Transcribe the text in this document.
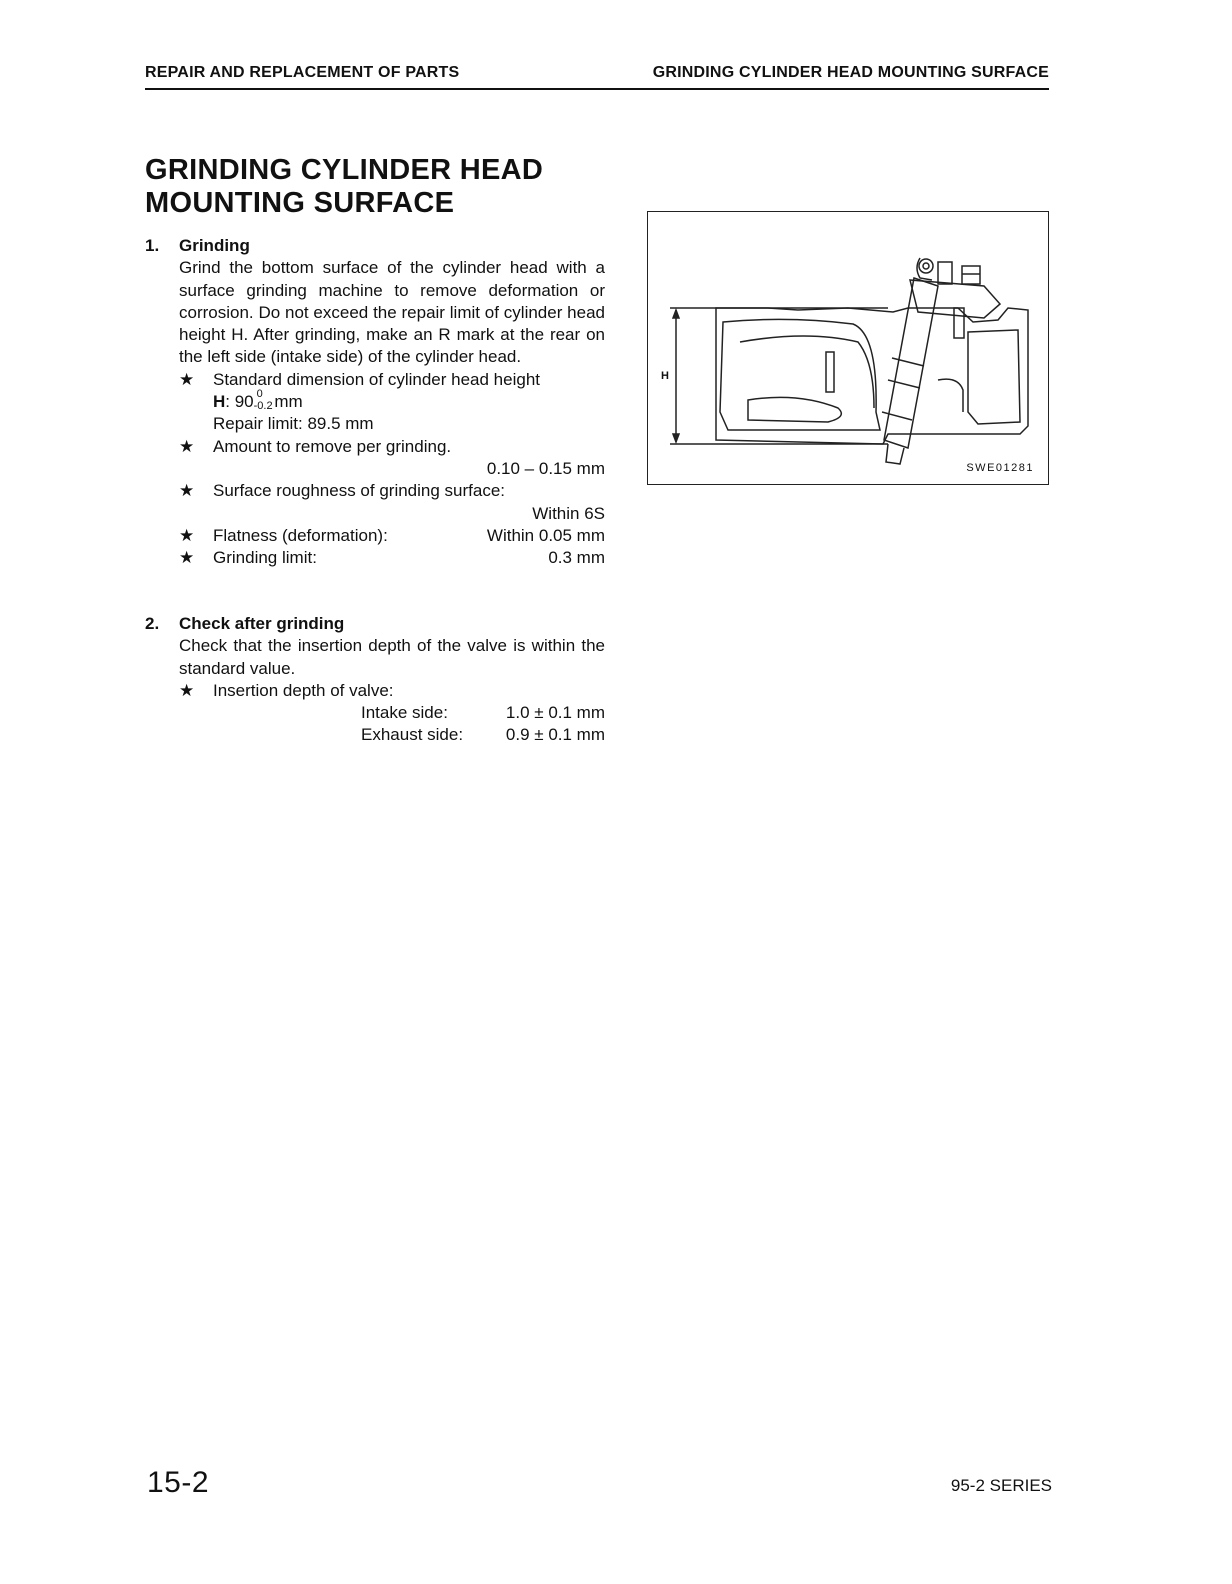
REPAIR AND REPLACEMENT OF PARTS	GRINDING CYLINDER HEAD MOUNTING SURFACE
GRINDING CYLINDER HEAD
MOUNTING SURFACE
1. Grinding
Grind the bottom surface of the cylinder head with a surface grinding machine to remove deformation or corrosion. Do not exceed the repair limit of cylinder head height H. After grinding, make an R mark at the rear on the left side (intake side) of the cylinder head.
★ Standard dimension of cylinder head height
H: 90 0
-0.2
mm
Repair limit: 89.5 mm
★ Amount to remove per grinding.
0.10 – 0.15 mm
★ Surface roughness of grinding surface:
Within 6S
★ Flatness (deformation):	Within 0.05 mm
★ Grinding limit:	0.3 mm
2. Check after grinding
Check that the insertion depth of the valve is within the standard value.
★ Insertion depth of valve:
Intake side:	1.0 ± 0.1 mm
Exhaust side:	0.9 ± 0.1 mm
H
SWE01281
15-2	95-2 SERIES
